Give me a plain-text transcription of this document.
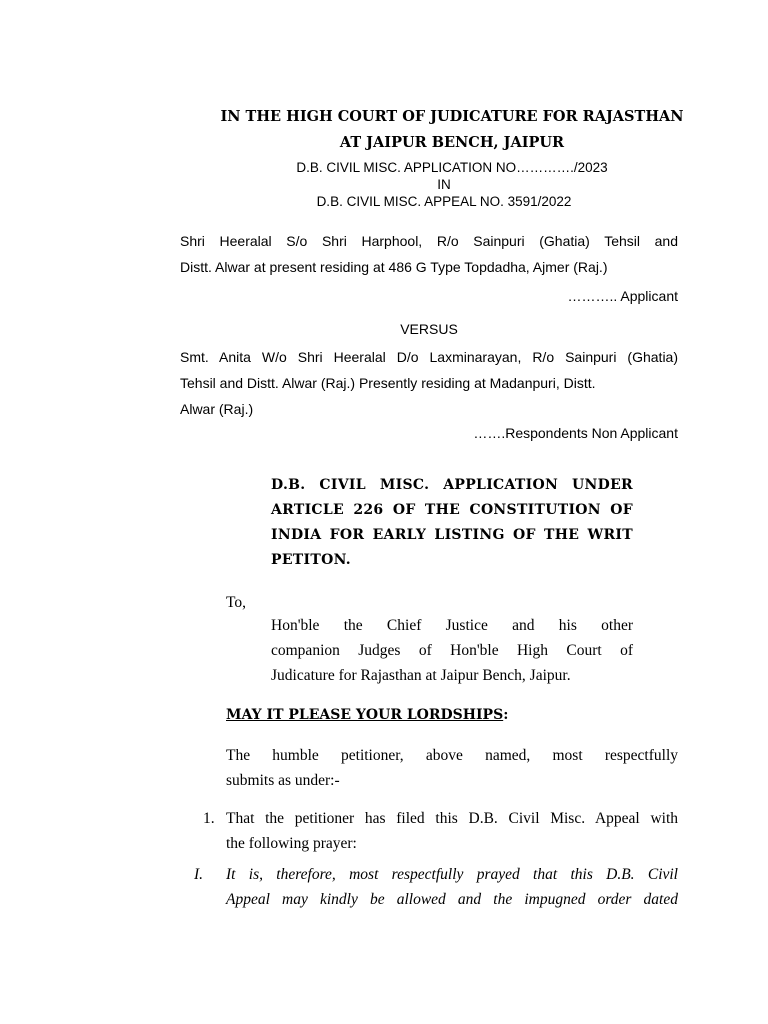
IN THE HIGH COURT OF JUDICATURE FOR RAJASTHAN
AT JAIPUR BENCH, JAIPUR
D.B. CIVIL MISC. APPLICATION NO…………./2023
IN
D.B. CIVIL MISC. APPEAL NO. 3591/2022
Shri Heeralal S/o Shri Harphool, R/o Sainpuri (Ghatia) Tehsil and
Distt. Alwar at present residing at 486 G Type Topdadha, Ajmer (Raj.)
……….. Applicant
VERSUS
Smt. Anita W/o Shri Heeralal D/o Laxminarayan, R/o Sainpuri (Ghatia)
Tehsil and Distt. Alwar (Raj.) Presently residing at Madanpuri, Distt.
Alwar (Raj.)
…….Respondents Non Applicant
D.B. CIVIL MISC. APPLICATION UNDER
ARTICLE 226 OF THE CONSTITUTION OF
INDIA FOR EARLY LISTING OF THE WRIT
PETITON.
To,
Hon'ble the Chief Justice and his other
companion Judges of Hon'ble High Court of
Judicature for Rajasthan at Jaipur Bench, Jaipur.
MAY IT PLEASE YOUR LORDSHIPS:
The humble petitioner, above named, most respectfully
submits as under:-
1. That the petitioner has filed this D.B. Civil Misc. Appeal with
the following prayer:
I. It is, therefore, most respectfully prayed that this D.B. Civil
Appeal may kindly be allowed and the impugned order dated
